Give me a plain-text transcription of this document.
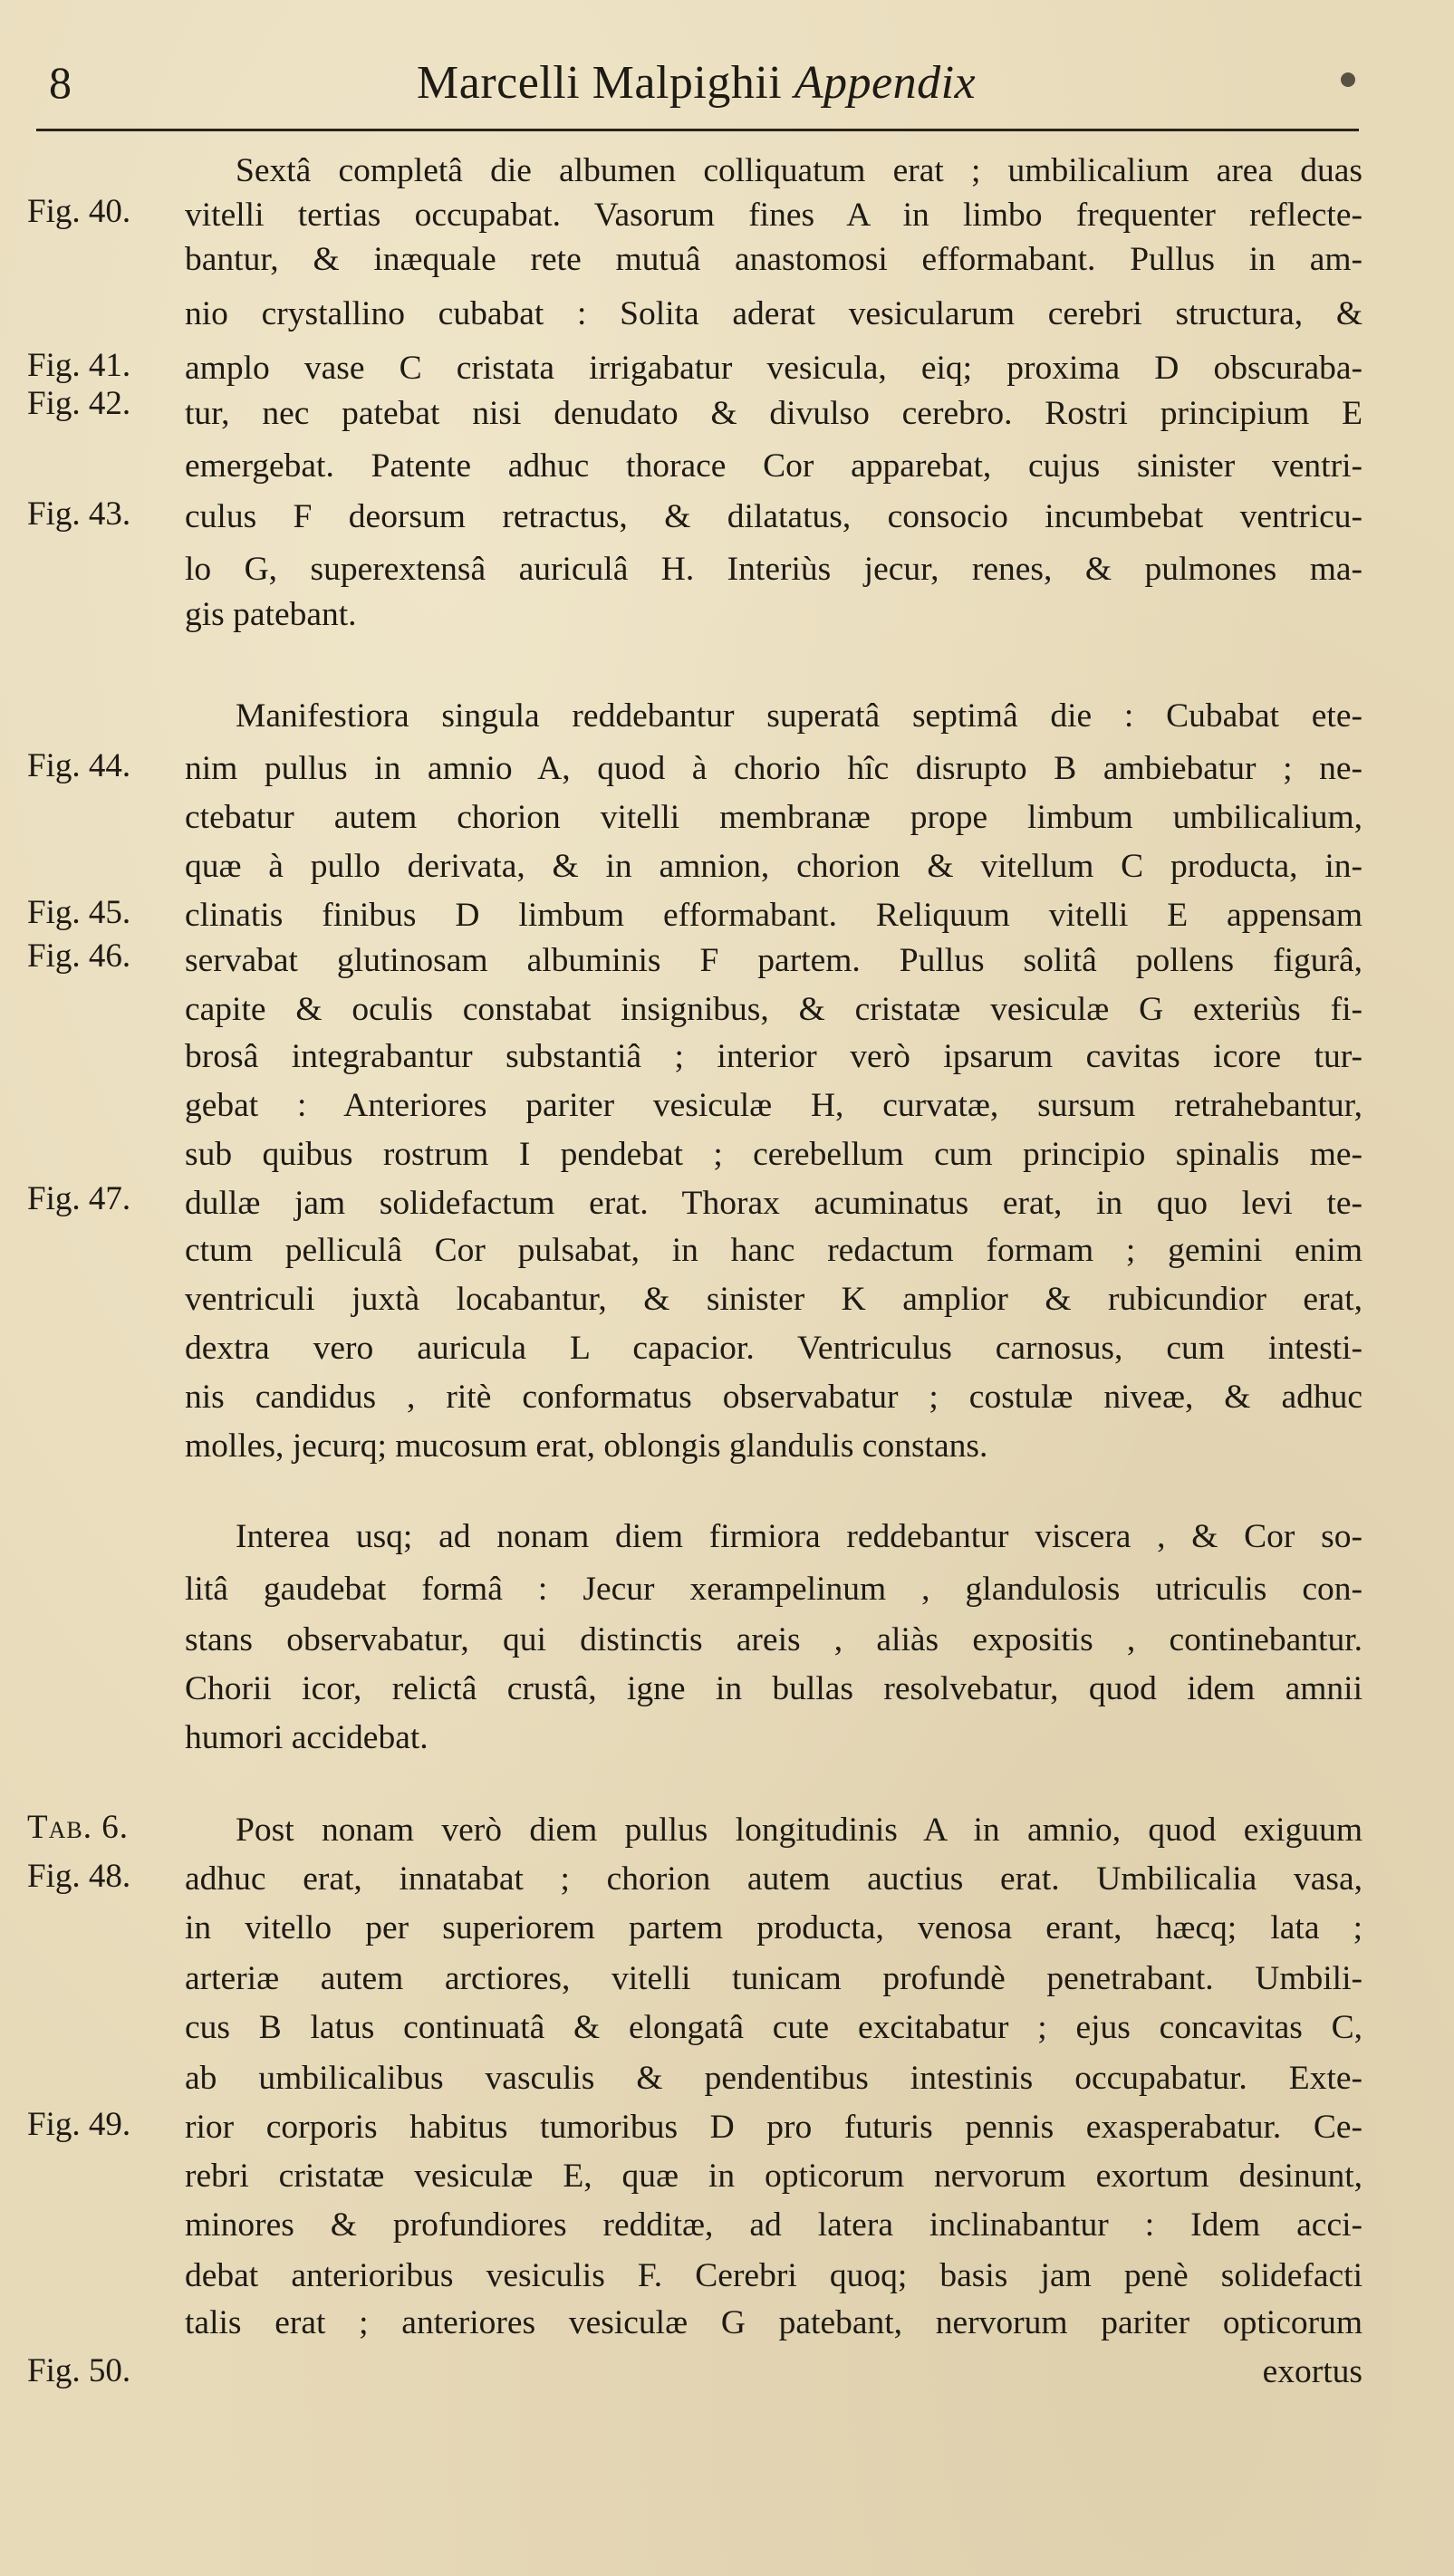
8	Marcelli Malpighii Appendix
Fig. 40.
Fig. 41.
Fig. 42.
Fig. 43.
Fig. 44.
Fig. 45.
Fig. 46.
Fig. 47.
Tab. 6.
Fig. 48.
Fig. 49.
Fig. 50.
Sextâ completâ die albumen colliquatum erat ; umbilicalium area duas
vitelli tertias occupabat. Vasorum fines A in limbo frequenter reflecte-
bantur, & inæquale rete mutuâ anastomosi efformabant. Pullus in am-
nio crystallino cubabat : Solita aderat vesicularum cerebri structura, &
amplo vase C cristata irrigabatur vesicula, eiq; proxima D obscuraba-
tur, nec patebat nisi denudato & divulso cerebro. Rostri principium E
emergebat. Patente adhuc thorace Cor apparebat, cujus sinister ventri-
culus F deorsum retractus, & dilatatus, consocio incumbebat ventricu-
lo G, superextensâ auriculâ H. Interiùs jecur, renes, & pulmones ma-
gis patebant.
Manifestiora singula reddebantur superatâ septimâ die : Cubabat ete-
nim pullus in amnio A, quod à chorio hîc disrupto B ambiebatur ; ne-
ctebatur autem chorion vitelli membranæ prope limbum umbilicalium,
quæ à pullo derivata, & in amnion, chorion & vitellum C producta, in-
clinatis finibus D limbum efformabant. Reliquum vitelli E appensam
servabat glutinosam albuminis F partem. Pullus solitâ pollens figurâ,
capite & oculis constabat insignibus, & cristatæ vesiculæ G exteriùs fi-
brosâ integrabantur substantiâ ; interior verò ipsarum cavitas icore tur-
gebat : Anteriores pariter vesiculæ H, curvatæ, sursum retrahebantur,
sub quibus rostrum I pendebat ; cerebellum cum principio spinalis me-
dullæ jam solidefactum erat. Thorax acuminatus erat, in quo levi te-
ctum pelliculâ Cor pulsabat, in hanc redactum formam ; gemini enim
ventriculi juxtà locabantur, & sinister K amplior & rubicundior erat,
dextra vero auricula L capacior. Ventriculus carnosus, cum intesti-
nis candidus , ritè conformatus observabatur ; costulæ niveæ, & adhuc
molles, jecurq; mucosum erat, oblongis glandulis constans.
Interea usq; ad nonam diem firmiora reddebantur viscera , & Cor so-
litâ gaudebat formâ : Jecur xerampelinum , glandulosis utriculis con-
stans observabatur, qui distinctis areis , aliàs expositis , continebantur.
Chorii icor, relictâ crustâ, igne in bullas resolvebatur, quod idem amnii
humori accidebat.
Post nonam verò diem pullus longitudinis A in amnio, quod exiguum
adhuc erat, innatabat ; chorion autem auctius erat. Umbilicalia vasa,
in vitello per superiorem partem producta, venosa erant, hæcq; lata ;
arteriæ autem arctiores, vitelli tunicam profundè penetrabant. Umbili-
cus B latus continuatâ & elongatâ cute excitabatur ; ejus concavitas C,
ab umbilicalibus vasculis & pendentibus intestinis occupabatur. Exte-
rior corporis habitus tumoribus D pro futuris pennis exasperabatur. Ce-
rebri cristatæ vesiculæ E, quæ in opticorum nervorum exortum desinunt,
minores & profundiores redditæ, ad latera inclinabantur : Idem acci-
debat anterioribus vesiculis F. Cerebri quoq; basis jam penè solidefacti
talis erat ; anteriores vesiculæ G patebant, nervorum pariter opticorum
exortus
